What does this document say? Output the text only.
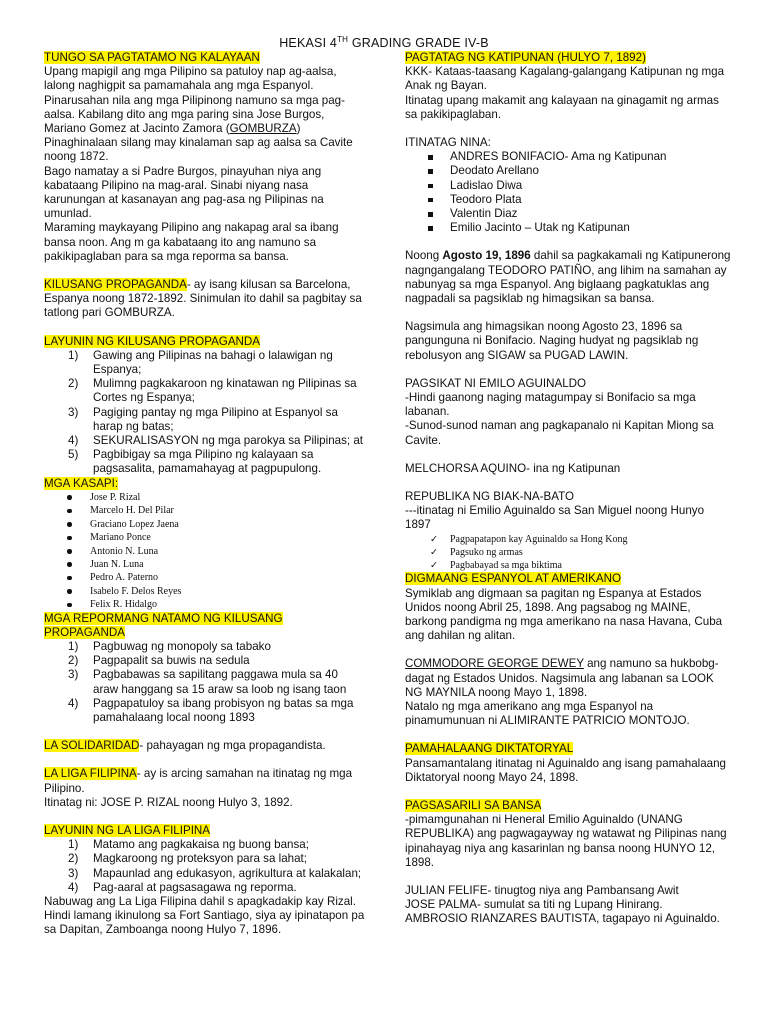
HEKASI 4TH GRADING GRADE IV-B

TUNGO SA PAGTATAMO NG KALAYAAN

Upang mapigil ang mga Pilipino sa patuloy nap ag-aalsa, lalong naghigpit sa pamamahala ang mga Espanyol. Pinarusahan nila ang mga Pilipinong namuno sa mga pag-aalsa. Kabilang dito ang mga paring sina Jose Burgos, Mariano Gomez at Jacinto Zamora (GOMBURZA) Pinaghinalaan silang may kinalaman sap ag aalsa sa Cavite noong 1872.

Bago namatay a si Padre Burgos, pinayuhan niya ang kabataang Pilipino na mag-aral. Sinabi niyang nasa karunungan at kasanayan ang pag-asa ng Pilipinas na umunlad.

Maraming maykayang Pilipino ang nakapag aral sa ibang bansa noon. Ang m ga kabataang ito ang namuno sa pakikipaglaban para sa mga reporma sa bansa.

KILUSANG PROPAGANDA- ay isang kilusan sa Barcelona, Espanya noong 1872-1892. Sinimulan ito dahil sa pagbitay sa tatlong pari GOMBURZA.

LAYUNIN NG KILUSANG PROPAGANDA

1) Gawing ang Pilipinas na bahagi o lalawigan ng Espanya;
2) Mulimng pagkakaroon ng kinatawan ng Pilipinas sa Cortes ng Espanya;
3) Pagiging pantay ng mga Pilipino at Espanyol sa harap ng batas;
4) SEKURALISASYON ng mga parokya sa Pilipinas; at
5) Pagbibigay sa mga Pilipino ng kalayaan sa pagsasalita, pamamahayag at pagpupulong.

MGA KASAPI:

Jose P. Rizal
Marcelo H. Del Pilar
Graciano Lopez Jaena
Mariano Ponce
Antonio N. Luna
Juan N. Luna
Pedro A. Paterno
Isabelo F. Delos Reyes
Felix R. Hidalgo

MGA REPORMANG NATAMO NG KILUSANG PROPAGANDA

1) Pagbuwag ng monopoly sa tabako
2) Pagpapalit sa buwis na sedula
3) Pagbabawas sa sapilitang paggawa mula sa 40 araw hanggang sa 15 araw sa loob ng isang taon
4) Pagpapatuloy sa ibang probisyon ng batas sa mga pamahalaang local noong 1893

LA SOLIDARIDAD- pahayagan ng mga propagandista.

LA LIGA FILIPINA- ay is arcing samahan na itinatag ng mga Pilipino.

Itinatag ni: JOSE P. RIZAL noong Hulyo 3, 1892.

LAYUNIN NG LA LIGA FILIPINA

1) Matamo ang pagkakaisa ng buong bansa;
2) Magkaroong ng proteksyon para sa lahat;
3) Mapaunlad ang edukasyon, agrikultura at kalakalan;
4) Pag-aaral at pagsasagawa ng reporma.

Nabuwag ang La Liga Filipina dahil s apagkadakip kay Rizal. Hindi lamang ikinulong sa Fort Santiago, siya ay ipinatapon pa sa Dapitan, Zamboanga noong Hulyo 7, 1896.

PAGTATAG NG KATIPUNAN (HULYO 7, 1892)

KKK- Kataas-taasang Kagalang-galangang Katipunan ng mga Anak ng Bayan.

Itinatag upang makamit ang kalayaan na ginagamit ng armas sa pakikipaglaban.

ITINATAG NINA:

ANDRES BONIFACIO- Ama ng Katipunan
Deodato Arellano
Ladislao Diwa
Teodoro Plata
Valentin Diaz
Emilio Jacinto – Utak ng Katipunan

Noong Agosto 19, 1896 dahil sa pagkakamali ng Katipunerong nagngangalang TEODORO PATIÑO, ang lihim na samahan ay nabunyag sa mga Espanyol. Ang biglaang pagkatuklas ang nagpadali sa pagsiklab ng himagsikan sa bansa.

Nagsimula ang himagsikan noong Agosto 23, 1896 sa pangunguna ni Bonifacio. Naging hudyat ng pagsiklab ng rebolusyon ang SIGAW sa PUGAD LAWIN.

PAGSIKAT NI EMILO AGUINALDO

-Hindi gaanong naging matagumpay si Bonifacio sa mga labanan.

-Sunod-sunod naman ang pagkapanalo ni Kapitan Miong sa Cavite.

MELCHORSA AQUINO- ina ng Katipunan

REPUBLIKA NG BIAK-NA-BATO

---itinatag ni Emilio Aguinaldo sa San Miguel noong Hunyo 1897

✓ Pagpapatapon kay Aguinaldo sa Hong Kong
✓ Pagsuko ng armas
✓ Pagbabayad sa mga biktima

DIGMAANG ESPANYOL AT AMERIKANO

Symiklab ang digmaan sa pagitan ng Espanya at Estados Unidos noong Abril 25, 1898. Ang pagsabog ng MAINE, barkong pandigma ng mga amerikano na nasa Havana, Cuba ang dahilan ng alitan.

COMMODORE GEORGE DEWEY ang namuno sa hukbobg-dagat ng Estados Unidos. Nagsimula ang labanan sa LOOK NG MAYNILA noong Mayo 1, 1898.

Natalo ng mga amerikano ang mga Espanyol na pinamumunuan ni ALIMIRANTE PATRICIO MONTOJO.

PAMAHALAANG DIKTATORYAL

Pansamantalang itinatag ni Aguinaldo ang isang pamahalaang Diktatoryal noong Mayo 24, 1898.

PAGSASARILI SA BANSA

-pimamgunahan ni Heneral Emilio Aguinaldo (UNANG REPUBLIKA) ang pagwagayway ng watawat ng Pilipinas nang ipinahayag niya ang kasarinlan ng bansa noong HUNYO 12, 1898.

JULIAN FELIFE- tinugtog niya ang Pambansang Awit

JOSE PALMA- sumulat sa titi ng Lupang Hinirang.

AMBROSIO RIANZARES BAUTISTA, tagapayo ni Aguinaldo.
